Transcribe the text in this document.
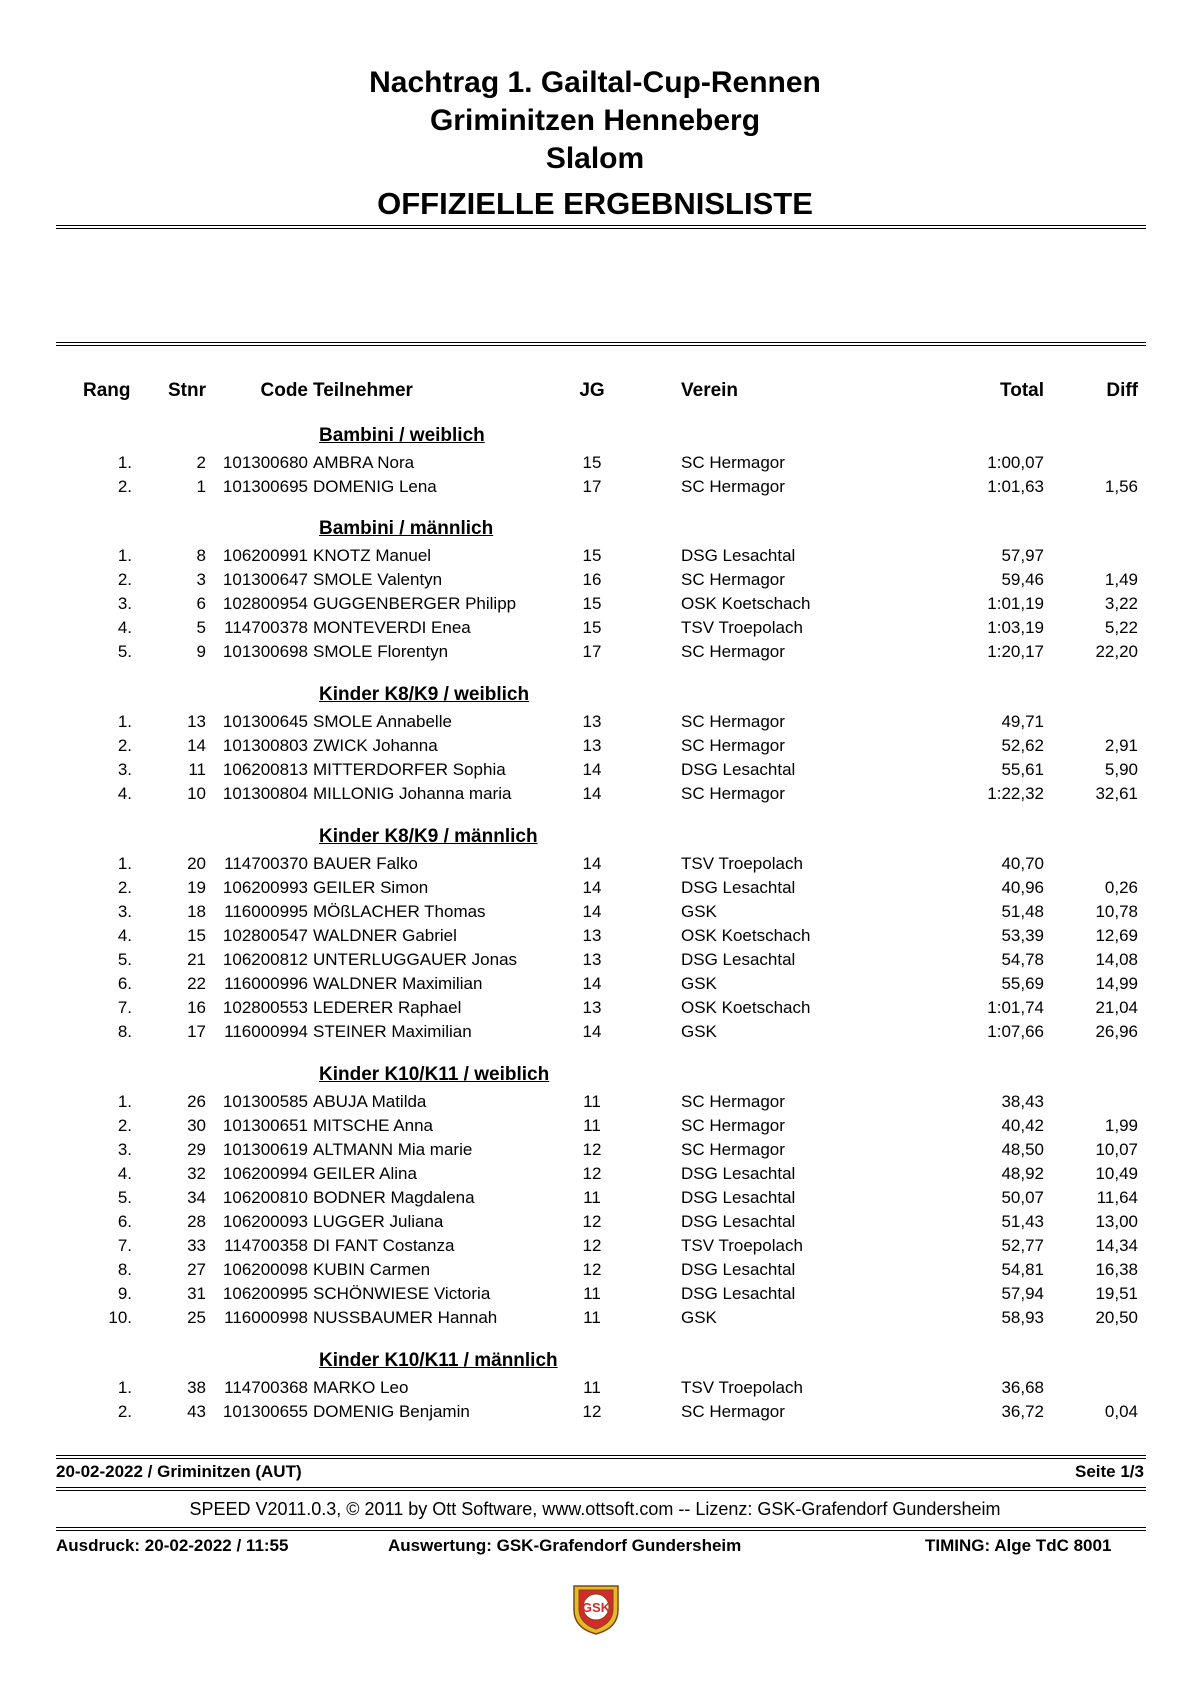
Nachtrag 1. Gailtal-Cup-Rennen
Griminitzen Henneberg
Slalom
OFFIZIELLE ERGEBNISLISTE
Rang Stnr	Code Teilnehmer	JG	Verein	Total	Diff
Bambini / weiblich
1.	2 101300680 AMBRA Nora	15	SC Hermagor	1:00,07
2.	1 101300695 DOMENIG Lena	17	SC Hermagor	1:01,63	1,56
Bambini / männlich
1.	8 106200991 KNOTZ Manuel	15	DSG Lesachtal	57,97
2.	3 101300647 SMOLE Valentyn	16	SC Hermagor	59,46	1,49
3.	6 102800954 GUGGENBERGER Philipp	15	OSK Koetschach	1:01,19	3,22
4.	5	114700378 MONTEVERDI Enea	15	TSV Troepolach	1:03,19	5,22
5.	9 101300698 SMOLE Florentyn	17	SC Hermagor	1:20,17	22,20
Kinder K8/K9 / weiblich
1.	13 101300645 SMOLE Annabelle	13	SC Hermagor	49,71
2.	14 101300803 ZWICK Johanna	13	SC Hermagor	52,62	2,91
3.	11 106200813 MITTERDORFER Sophia	14	DSG Lesachtal	55,61	5,90
4.	10 101300804 MILLONIG Johanna maria	14	SC Hermagor	1:22,32	32,61
Kinder K8/K9 / männlich
1.	20	114700370 BAUER Falko	14	TSV Troepolach	40,70
2.	19 106200993 GEILER Simon	14	DSG Lesachtal	40,96	0,26
3.	18	116000995 MÖßLACHER Thomas	14	GSK	51,48	10,78
4.	15 102800547 WALDNER Gabriel	13	OSK Koetschach	53,39	12,69
5.	21 106200812 UNTERLUGGAUER Jonas	13	DSG Lesachtal	54,78	14,08
6.	22	116000996 WALDNER Maximilian	14	GSK	55,69	14,99
7.	16 102800553 LEDERER Raphael	13	OSK Koetschach	1:01,74	21,04
8.	17	116000994 STEINER Maximilian	14	GSK	1:07,66	26,96
Kinder K10/K11 / weiblich
1.	26 101300585 ABUJA Matilda	11	SC Hermagor	38,43
2.	30 101300651 MITSCHE Anna	11	SC Hermagor	40,42	1,99
3.	29 101300619 ALTMANN Mia marie	12	SC Hermagor	48,50	10,07
4.	32 106200994 GEILER Alina	12	DSG Lesachtal	48,92	10,49
5.	34 106200810 BODNER Magdalena	11	DSG Lesachtal	50,07	11,64
6.	28 106200093 LUGGER Juliana	12	DSG Lesachtal	51,43	13,00
7.	33	114700358 DI FANT Costanza	12	TSV Troepolach	52,77	14,34
8.	27 106200098 KUBIN Carmen	12	DSG Lesachtal	54,81	16,38
9.	31 106200995 SCHÖNWIESE Victoria	11	DSG Lesachtal	57,94	19,51
10.	25	116000998 NUSSBAUMER Hannah	11	GSK	58,93	20,50
Kinder K10/K11 / männlich
1.	38	114700368 MARKO Leo	11	TSV Troepolach	36,68
2.	43 101300655 DOMENIG Benjamin	12	SC Hermagor	36,72	0,04
20-02-2022 / Griminitzen (AUT)	Seite 1/3
SPEED V2011.0.3, © 2011 by Ott Software, www.ottsoft.com -- Lizenz: GSK-Grafendorf Gundersheim
Ausdruck: 20-02-2022 / 11:55	Auswertung: GSK-Grafendorf Gundersheim	TIMING: Alge TdC 8001
GSK
